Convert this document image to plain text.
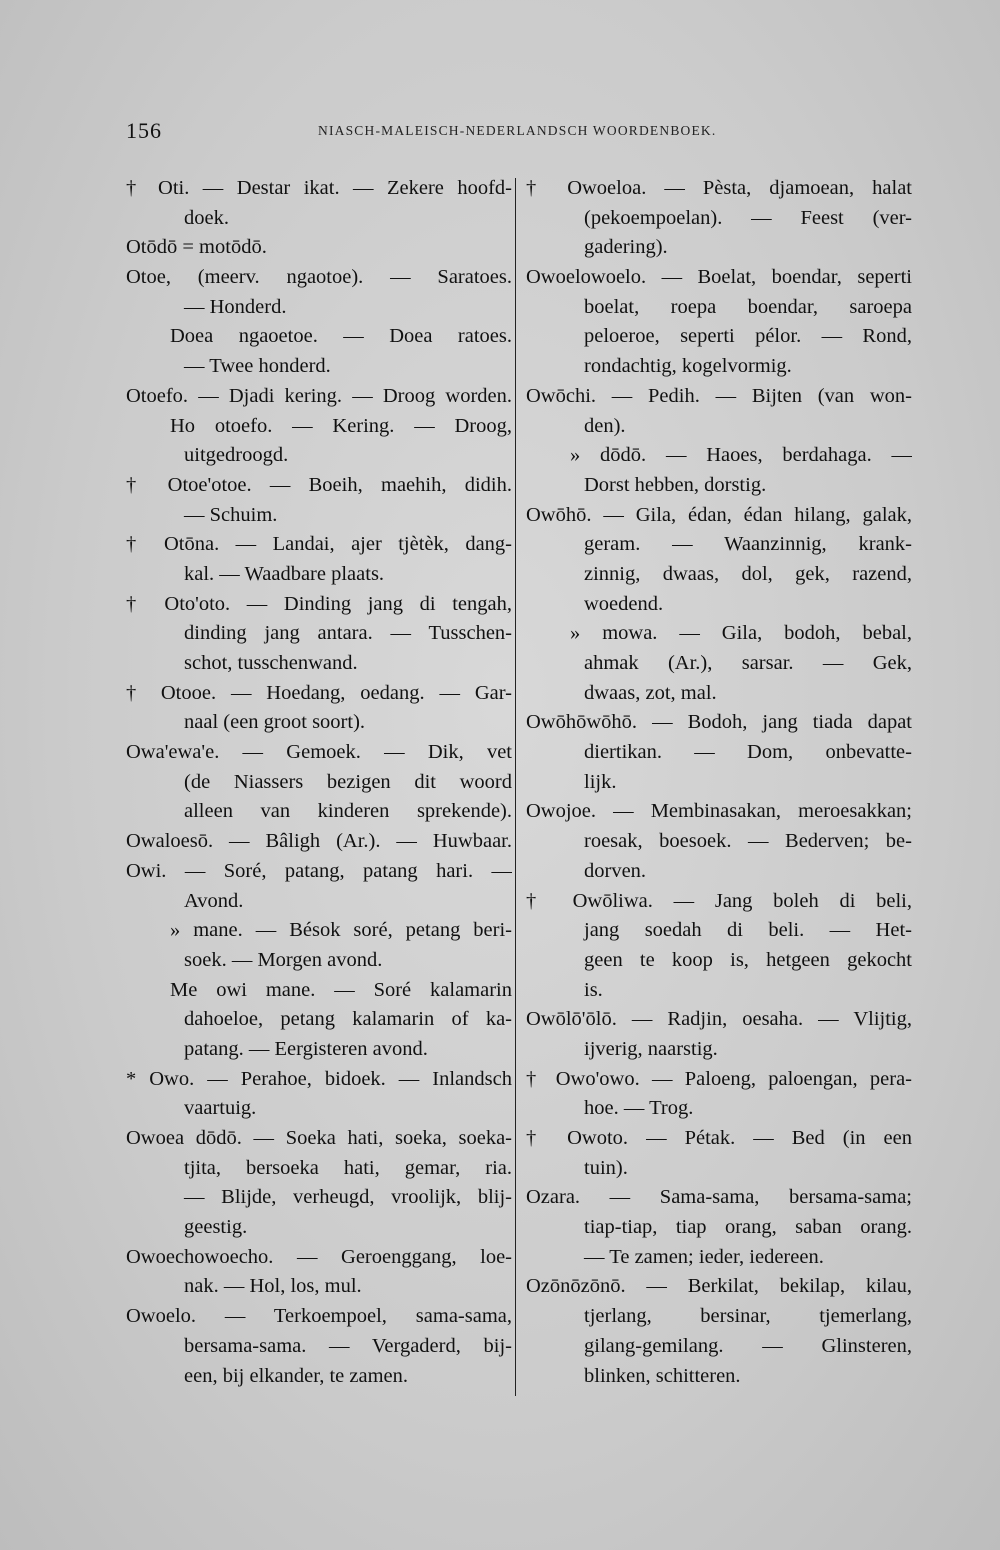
156	NIASCH-MALEISCH-NEDERLANDSCH WOORDENBOEK.
† Oti. — Destar ikat. — Zekere hoofd-
doek.
Otōdō = motōdō.
Otoe, (meerv. ngaotoe). — Saratoes.
— Honderd.
Doea ngaoetoe. — Doea ratoes.
— Twee honderd.
Otoefo. — Djadi kering. — Droog worden.
Ho otoefo. — Kering. — Droog,
uitgedroogd.
† Otoe'otoe. — Boeih, maehih, didih.
— Schuim.
† Otōna. — Landai, ajer tjètèk, dang-
kal. — Waadbare plaats.
† Oto'oto. — Dinding jang di tengah,
dinding jang antara. — Tusschen-
schot, tusschenwand.
† Otooe. — Hoedang, oedang. — Gar-
naal (een groot soort).
Owa'ewa'e. — Gemoek. — Dik, vet
(de Niassers bezigen dit woord
alleen van kinderen sprekende).
Owaloesō. — Bâligh (Ar.). — Huwbaar.
Owi. — Soré, patang, patang hari. —
Avond.
» mane. — Bésok soré, petang beri-
soek. — Morgen avond.
Me owi mane. — Soré kalamarin
dahoeloe, petang kalamarin of ka-
patang. — Eergisteren avond.
* Owo. — Perahoe, bidoek. — Inlandsch
vaartuig.
Owoea dōdō. — Soeka hati, soeka, soeka-
tjita, bersoeka hati, gemar, ria.
— Blijde, verheugd, vroolijk, blij-
geestig.
Owoechowoecho. — Geroenggang, loe-
nak. — Hol, los, mul.
Owoelo. — Terkoempoel, sama-sama,
bersama-sama. — Vergaderd, bij-
een, bij elkander, te zamen.
† Owoeloa. — Pèsta, djamoean, halat
(pekoempoelan). — Feest (ver-
gadering).
Owoelowoelo. — Boelat, boendar, seperti
boelat, roepa boendar, saroepa
peloeroe, seperti pélor. — Rond,
rondachtig, kogelvormig.
Owōchi. — Pedih. — Bijten (van won-
den).
» dōdō. — Haoes, berdahaga. —
Dorst hebben, dorstig.
Owōhō. — Gila, édan, édan hilang, galak,
geram. — Waanzinnig, krank-
zinnig, dwaas, dol, gek, razend,
woedend.
» mowa. — Gila, bodoh, bebal,
ahmak (Ar.), sarsar. — Gek,
dwaas, zot, mal.
Owōhōwōhō. — Bodoh, jang tiada dapat
diertikan. — Dom, onbevatte-
lijk.
Owojoe. — Membinasakan, meroesakkan;
roesak, boesoek. — Bederven; be-
dorven.
† Owōliwa. — Jang boleh di beli,
jang soedah di beli. — Het-
geen te koop is, hetgeen gekocht
is.
Owōlō'ōlō. — Radjin, oesaha. — Vlijtig,
ijverig, naarstig.
† Owo'owo. — Paloeng, paloengan, pera-
hoe. — Trog.
† Owoto. — Pétak. — Bed (in een
tuin).
Ozara. — Sama-sama, bersama-sama;
tiap-tiap, tiap orang, saban orang.
— Te zamen; ieder, iedereen.
Ozōnōzōnō. — Berkilat, bekilap, kilau,
tjerlang, bersinar, tjemerlang,
gilang-gemilang. — Glinsteren,
blinken, schitteren.
